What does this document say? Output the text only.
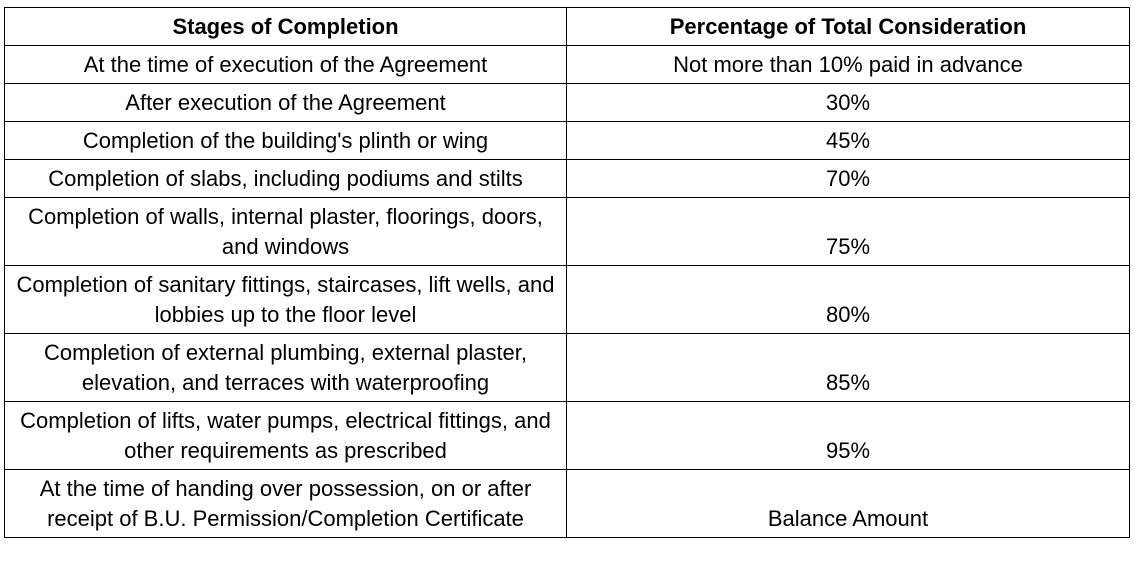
Stages of Completion	Percentage of Total Consideration
At the time of execution of the Agreement	Not more than 10% paid in advance
After execution of the Agreement	30%
Completion of the building's plinth or wing	45%
Completion of slabs, including podiums and stilts	70%
Completion of walls, internal plaster, floorings, doors, and windows	75%
Completion of sanitary fittings, staircases, lift wells, and lobbies up to the floor level	80%
Completion of external plumbing, external plaster, elevation, and terraces with waterproofing	85%
Completion of lifts, water pumps, electrical fittings, and other requirements as prescribed	95%
At the time of handing over possession, on or after receipt of B.U. Permission/Completion Certificate	Balance Amount
